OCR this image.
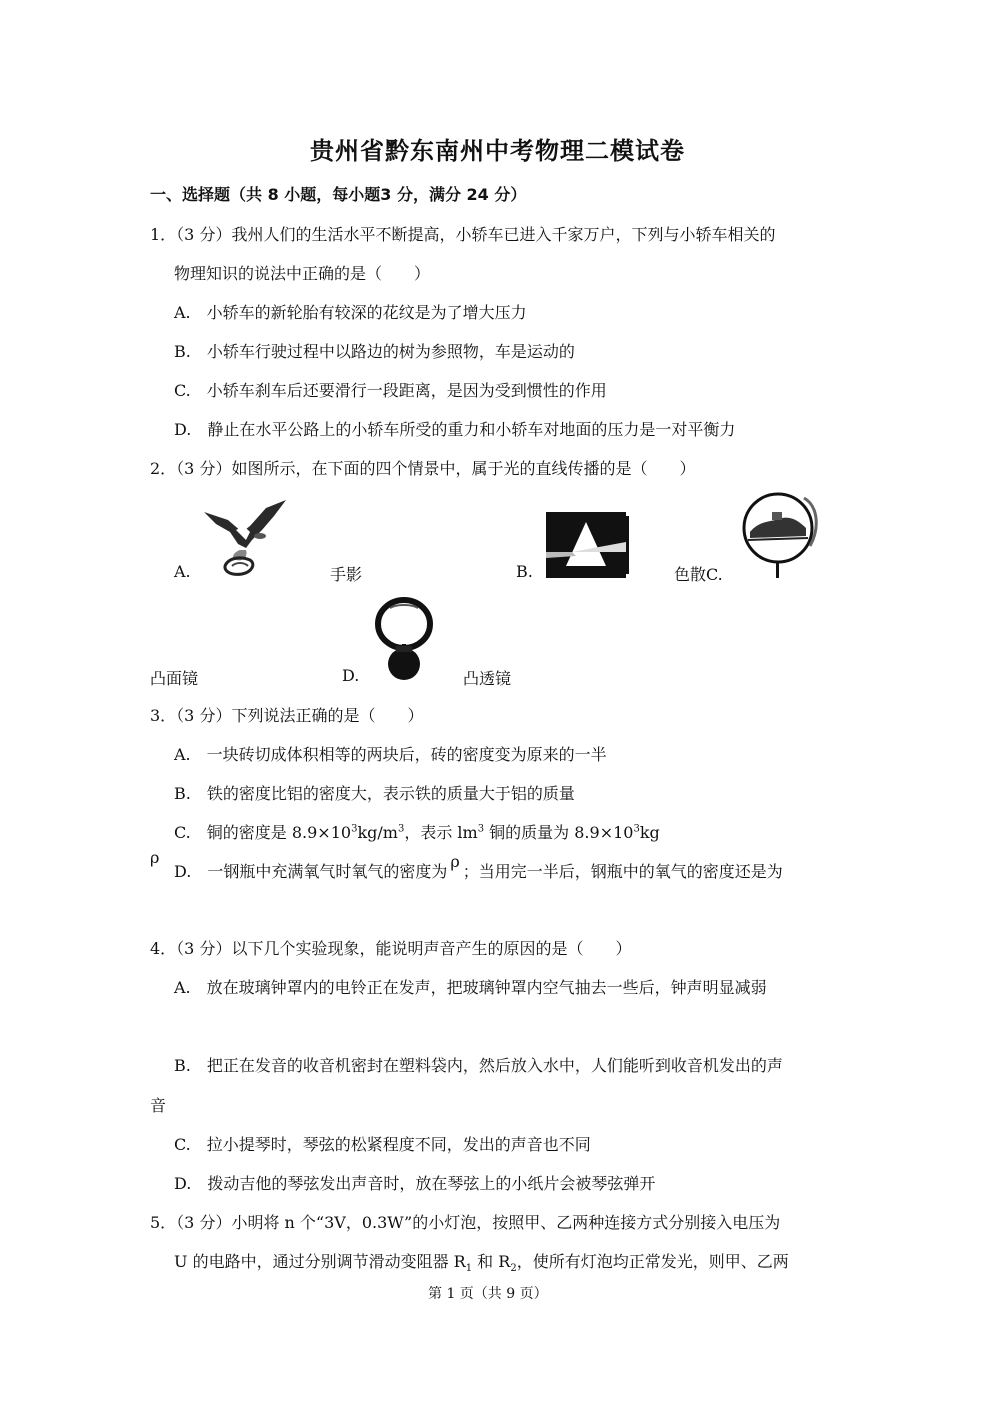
贵州省黔东南州中考物理二模试卷
一、选择题（共 8 小题，每小题3 分，满分 24 分）
1．（3 分）我州人们的生活水平不断提高，小轿车已进入千家万户，下列与小轿车相关的
物理知识的说法中正确的是（　　）
A.　小轿车的新轮胎有较深的花纹是为了增大压力
B.　小轿车行驶过程中以路边的树为参照物，车是运动的
C.　小轿车刹车后还要滑行一段距离，是因为受到惯性的作用
D.　静止在水平公路上的小轿车所受的重力和小轿车对地面的压力是一对平衡力
2．（3 分）如图所示，在下面的四个情景中，属于光的直线传播的是（　　）
A.	手影	B.	色散C.
凸面镜	D.	凸透镜
3．（3 分）下列说法正确的是（　　）
A.　一块砖切成体积相等的两块后，砖的密度变为原来的一半
B.　铁的密度比铝的密度大，表示铁的质量大于铝的质量
C.　铜的密度是 $8.9\times 10^3kg/m^3$，表示 $lm^3$ 铜的质量为 $8.9\times 10^3kg$
ρ
D.　一钢瓶中充满氧气时氧气的密度为ρ；当用完一半后，钢瓶中的氧气的密度还是为
4．（3 分）以下几个实验现象，能说明声音产生的原因的是（　　）
A.　放在玻璃钟罩内的电铃正在发声，把玻璃钟罩内空气抽去一些后，钟声明显减弱
B.　把正在发音的收音机密封在塑料袋内，然后放入水中，人们能听到收音机发出的声
音
C.　拉小提琴时，琴弦的松紧程度不同，发出的声音也不同
D.　拨动吉他的琴弦发出声音时，放在琴弦上的小纸片会被琴弦弹开
5．（3 分）小明将 n 个“3V，0.3W”的小灯泡，按照甲、乙两种连接方式分别接入电压为
U 的电路中，通过分别调节滑动变阻器 $R_1$ 和 $R_2$，使所有灯泡均正常发光，则甲、乙两
第 1 页（共 9 页）
